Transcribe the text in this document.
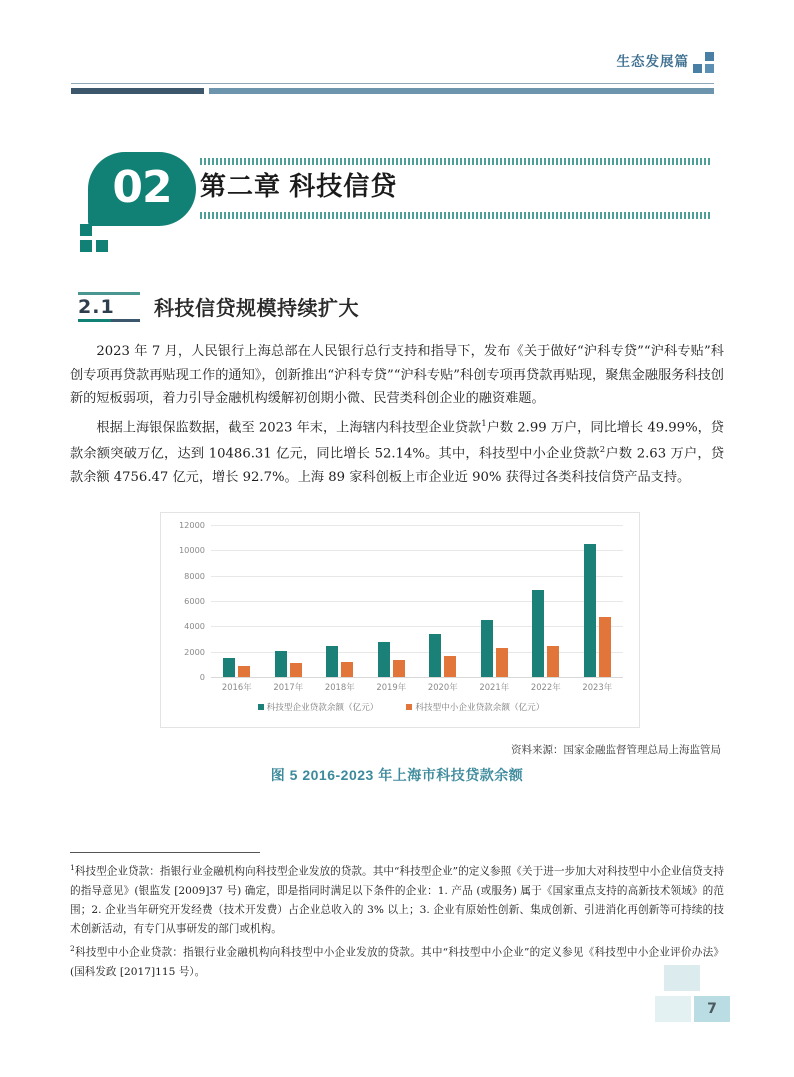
生态发展篇
02 第二章 科技信贷
2.1 科技信贷规模持续扩大

2023 年 7 月，人民银行上海总部在人民银行总行支持和指导下，发布《关于做好“沪科专贷”“沪科专贴”科创专项再贷款再贴现工作的通知》，创新推出“沪科专贷”“沪科专贴”科创专项再贷款再贴现，聚焦金融服务科技创新的短板弱项，着力引导金融机构缓解初创期小微、民营类科创企业的融资难题。

根据上海银保监数据，截至 2023 年末，上海辖内科技型企业贷款$^1$户数 2.99 万户，同比增长 49.99%，贷款余额突破万亿，达到 10486.31 亿元，同比增长 52.14%。其中，科技型中小企业贷款$^2$户数 2.63 万户，贷款余额 4756.47 亿元，增长 92.7%。上海 89 家科创板上市企业近 90% 获得过各类科技信贷产品支持。

0
2000
4000
6000
8000
10000
12000
2016年	2017年	2018年	2019年	2020年	2021年	2022年	2023年
科技型企业贷款余额（亿元）	科技型中小企业贷款余额（亿元）
资料来源：国家金融监督管理总局上海监管局
图 5 2016-2023 年上海市科技贷款余额

$^1$科技型企业贷款：指银行业金融机构向科技型企业发放的贷款。其中“科技型企业”的定义参照《关于进一步加大对科技型中小企业信贷支持的指导意见》(银监发 [2009]37 号) 确定，即是指同时满足以下条件的企业：1. 产品 (或服务) 属于《国家重点支持的高新技术领域》的范围；2. 企业当年研究开发经费（技术开发费）占企业总收入的 3% 以上；3. 企业有原始性创新、集成创新、引进消化再创新等可持续的技术创新活动，有专门从事研发的部门或机构。

$^2$科技型中小企业贷款：指银行业金融机构向科技型中小企业发放的贷款。其中“科技型中小企业”的定义参见《科技型中小企业评价办法》(国科发政 [2017]115 号）。

7
